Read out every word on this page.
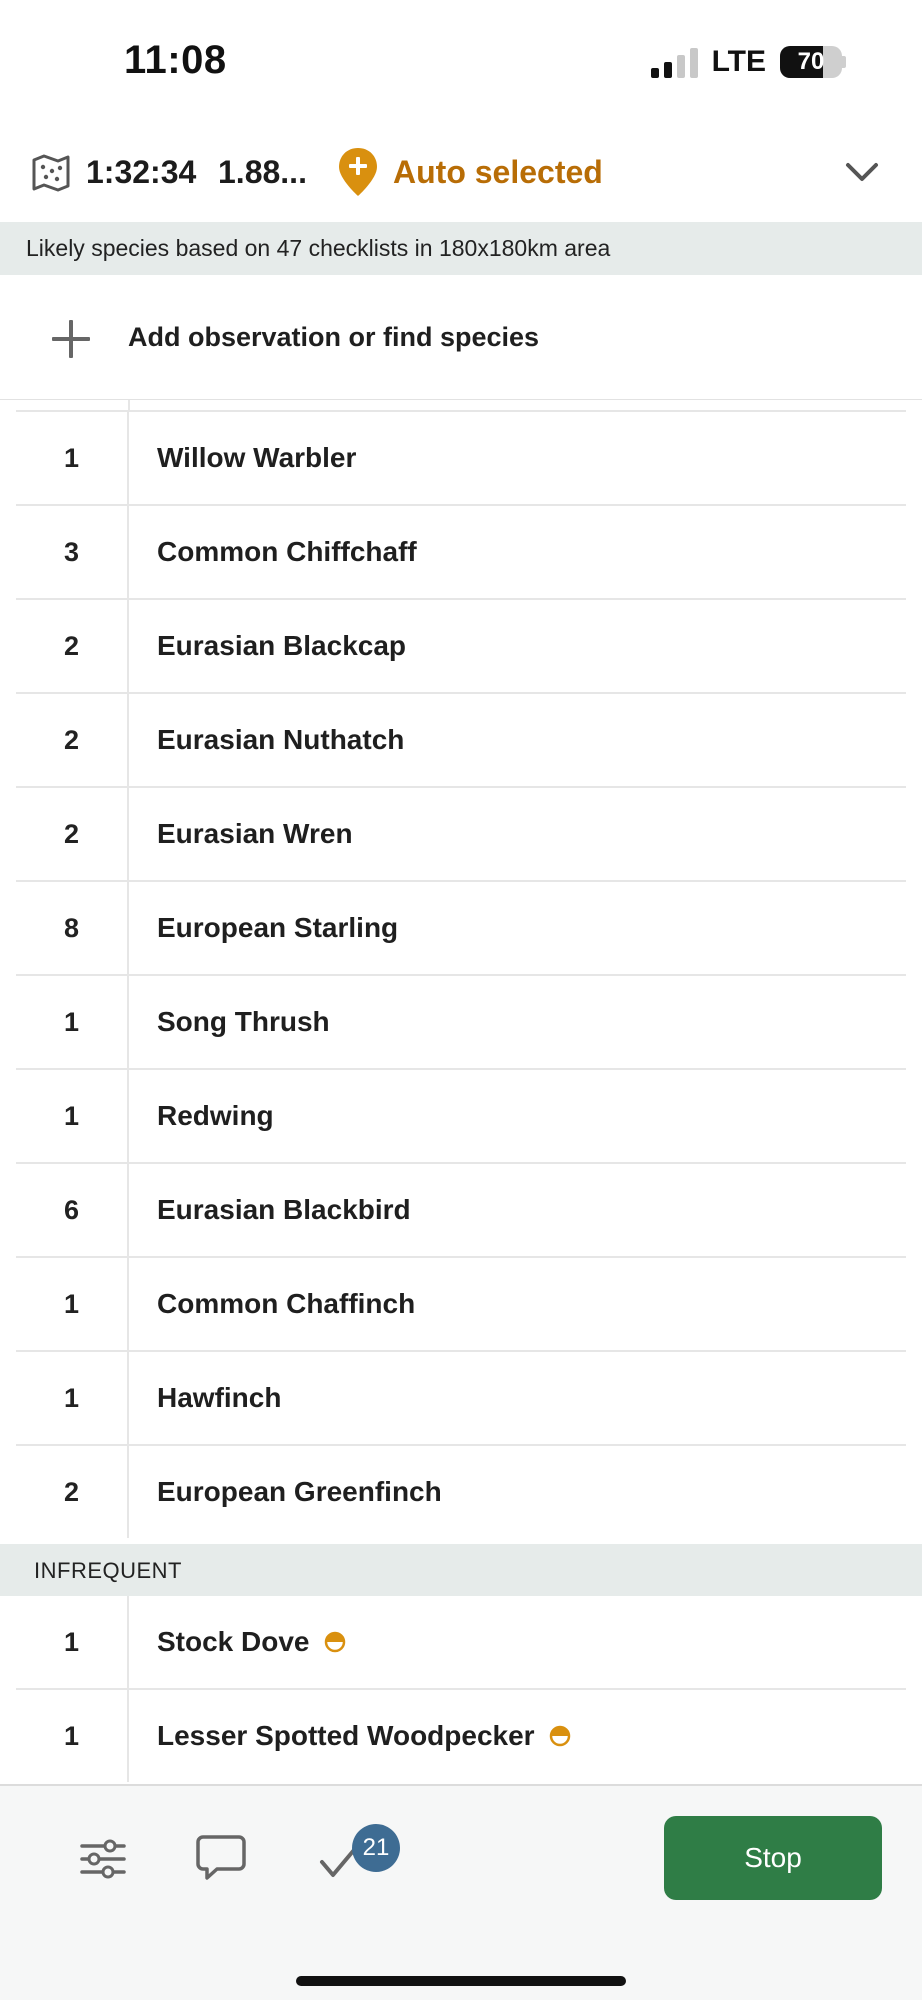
11:08	LTE	70
1:32:34 1.88...	Auto selected
Likely species based on 47 checklists in 180x180km area
Add observation or find species
1	Willow Warbler
3	Common Chiffchaff
2	Eurasian Blackcap
2	Eurasian Nuthatch
2	Eurasian Wren
8	European Starling
1	Song Thrush
1	Redwing
6	Eurasian Blackbird
1	Common Chaffinch
1	Hawfinch
2	European Greenfinch
INFREQUENT
1	Stock Dove
1	Lesser Spotted Woodpecker
21	Stop
